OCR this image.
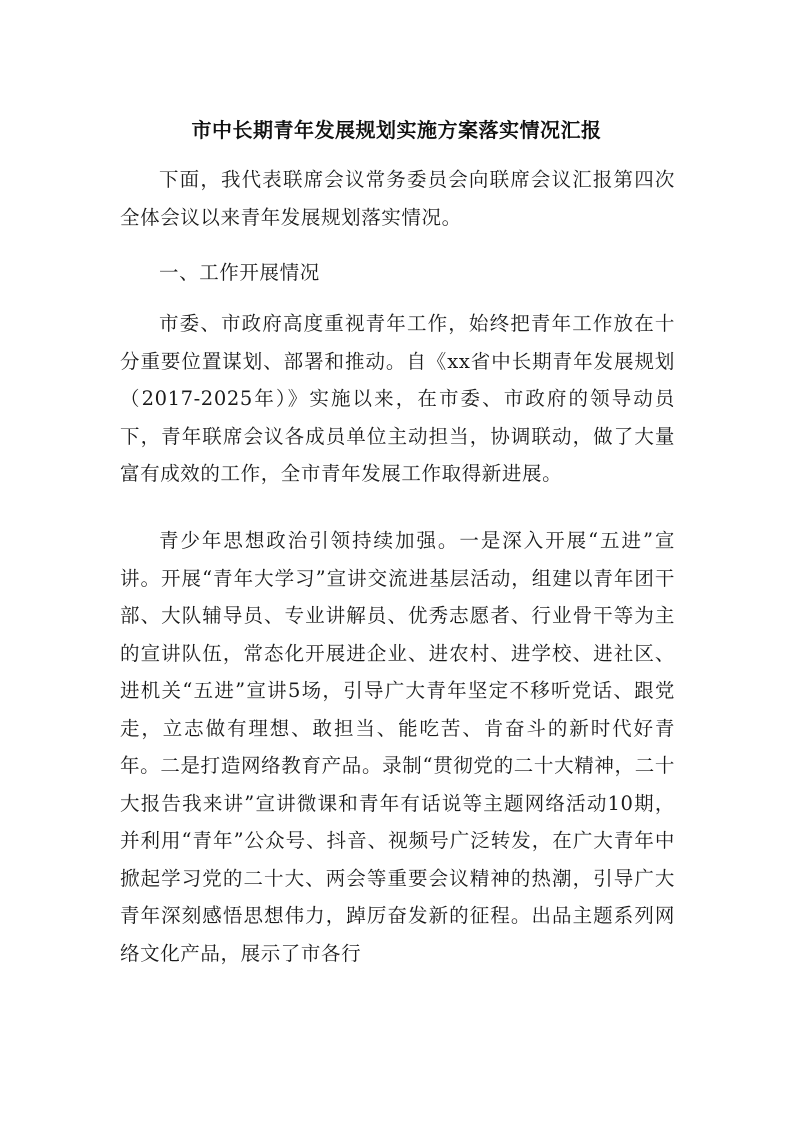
市中长期青年发展规划实施方案落实情况汇报

下面，我代表联席会议常务委员会向联席会议汇报第四次全体会议以来青年发展规划落实情况。

一、工作开展情况

市委、市政府高度重视青年工作，始终把青年工作放在十分重要位置谋划、部署和推动。自《xx省中长期青年发展规划（2017-2025年）》实施以来，在市委、市政府的领导动员下，青年联席会议各成员单位主动担当，协调联动，做了大量富有成效的工作，全市青年发展工作取得新进展。

青少年思想政治引领持续加强。一是深入开展“五进”宣讲。开展“青年大学习”宣讲交流进基层活动，组建以青年团干部、大队辅导员、专业讲解员、优秀志愿者、行业骨干等为主的宣讲队伍，常态化开展进企业、进农村、进学校、进社区、进机关“五进”宣讲5场，引导广大青年坚定不移听党话、跟党走，立志做有理想、敢担当、能吃苦、肯奋斗的新时代好青年。二是打造网络教育产品。录制“贯彻党的二十大精神，二十大报告我来讲”宣讲微课和青年有话说等主题网络活动10期，并利用“青年”公众号、抖音、视频号广泛转发，在广大青年中掀起学习党的二十大、两会等重要会议精神的热潮，引导广大青年深刻感悟思想伟力，踔厉奋发新的征程。出品主题系列网络文化产品，展示了市各行
